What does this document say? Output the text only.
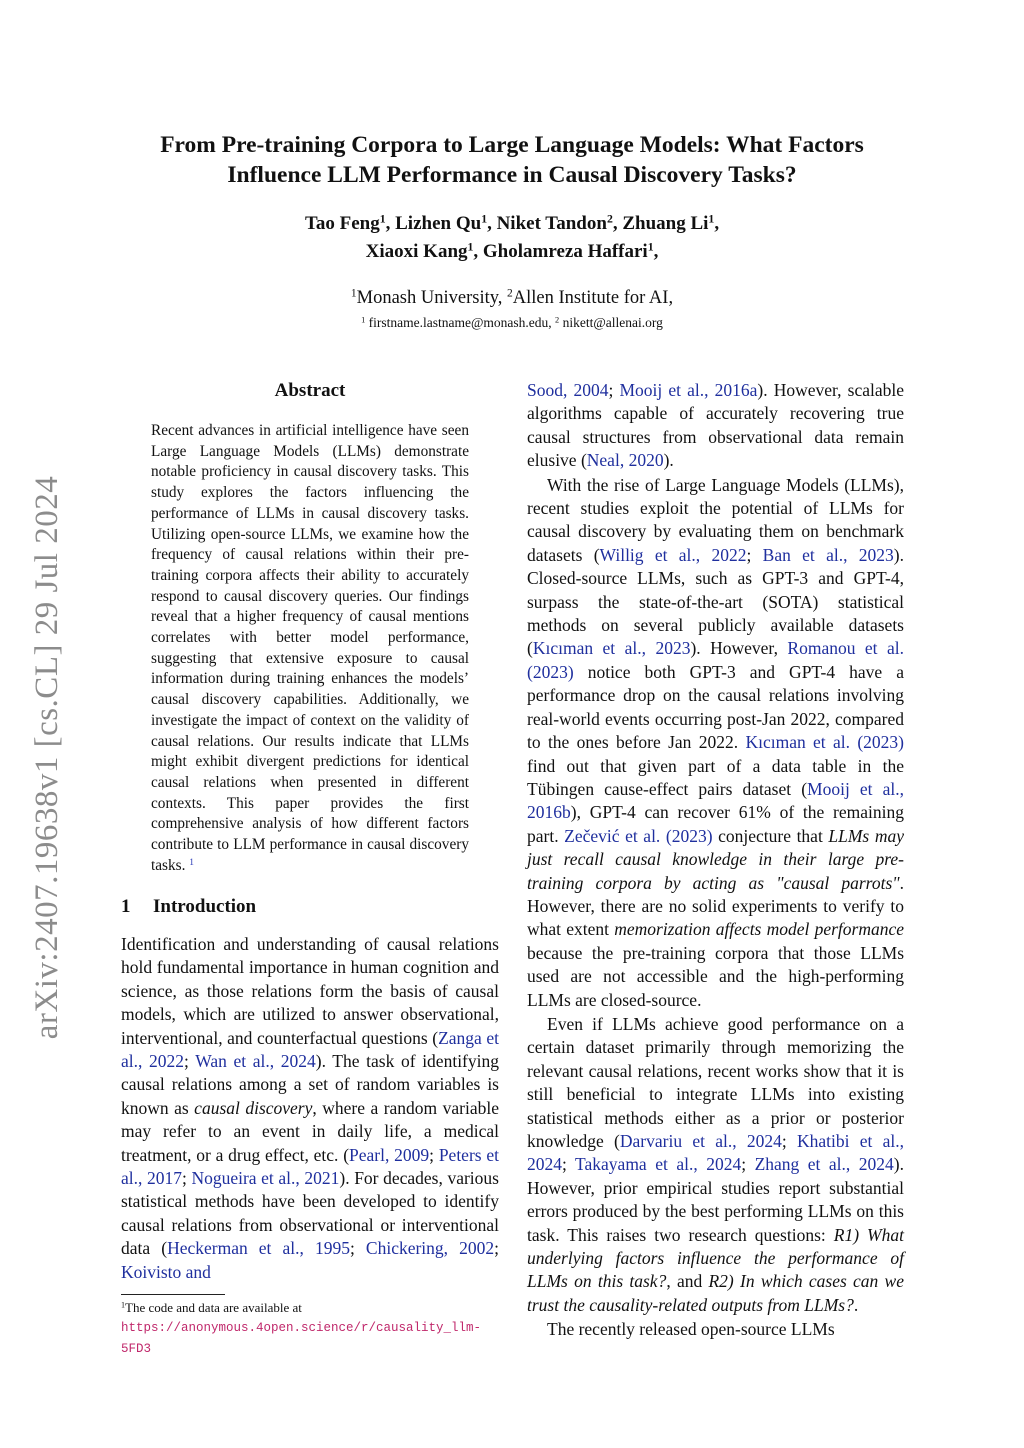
arXiv:2407.19638v1 [cs.CL] 29 Jul 2024
From Pre-training Corpora to Large Language Models: What Factors
Influence LLM Performance in Causal Discovery Tasks?
Tao Feng$^1$, Lizhen Qu$^1$, Niket Tandon$^2$, Zhuang Li$^1$,
Xiaoxi Kang$^1$, Gholamreza Haffari$^1$,
$^1$Monash University, $^2$Allen Institute for AI,
$^1$ firstname.lastname@monash.edu, $^2$ nikett@allenai.org
Abstract
Recent advances in artificial intelligence have seen Large Language Models (LLMs) demonstrate notable proficiency in causal discovery tasks. This study explores the factors influencing the performance of LLMs in causal discovery tasks. Utilizing open-source LLMs, we examine how the frequency of causal relations within their pre-training corpora affects their ability to accurately respond to causal discovery queries. Our findings reveal that a higher frequency of causal mentions correlates with better model performance, suggesting that extensive exposure to causal information during training enhances the models’ causal discovery capabilities. Additionally, we investigate the impact of context on the validity of causal relations. Our results indicate that LLMs might exhibit divergent predictions for identical causal relations when presented in different contexts. This paper provides the first comprehensive analysis of how different factors contribute to LLM performance in causal discovery tasks. $^1$
1 Introduction
Identification and understanding of causal relations hold fundamental importance in human cognition and science, as those relations form the basis of causal models, which are utilized to answer observational, interventional, and counterfactual questions (Zanga et al., 2022; Wan et al., 2024). The task of identifying causal relations among a set of random variables is known as causal discovery, where a random variable may refer to an event in daily life, a medical treatment, or a drug effect, etc. (Pearl, 2009; Peters et al., 2017; Nogueira et al., 2021). For decades, various statistical methods have been developed to identify causal relations from observational or interventional data (Heckerman et al., 1995; Chickering, 2002; Koivisto and

Sood, 2004; Mooij et al., 2016a). However, scalable algorithms capable of accurately recovering true causal structures from observational data remain elusive (Neal, 2020).

With the rise of Large Language Models (LLMs), recent studies exploit the potential of LLMs for causal discovery by evaluating them on benchmark datasets (Willig et al., 2022; Ban et al., 2023). Closed-source LLMs, such as GPT-3 and GPT-4, surpass the state-of-the-art (SOTA) statistical methods on several publicly available datasets (Kıcıman et al., 2023). However, Romanou et al. (2023) notice both GPT-3 and GPT-4 have a performance drop on the causal relations involving real-world events occurring post-Jan 2022, compared to the ones before Jan 2022. Kıcıman et al. (2023) find out that given part of a data table in the Tübingen cause-effect pairs dataset (Mooij et al., 2016b), GPT-4 can recover 61% of the remaining part. Zečević et al. (2023) conjecture that LLMs may just recall causal knowledge in their large pre-training corpora by acting as "causal parrots". However, there are no solid experiments to verify to what extent memorization affects model performance because the pre-training corpora that those LLMs used are not accessible and the high-performing LLMs are closed-source.

Even if LLMs achieve good performance on a certain dataset primarily through memorizing the relevant causal relations, recent works show that it is still beneficial to integrate LLMs into existing statistical methods either as a prior or posterior knowledge (Darvariu et al., 2024; Khatibi et al., 2024; Takayama et al., 2024; Zhang et al., 2024). However, prior empirical studies report substantial errors produced by the best performing LLMs on this task. This raises two research questions: R1) What underlying factors influence the performance of LLMs on this task?, and R2) In which cases can we trust the causality-related outputs from LLMs?.

The recently released open-source LLMs

$^1$The code and data are available at https://anonymous.4open.science/r/causality_llm-5FD3
